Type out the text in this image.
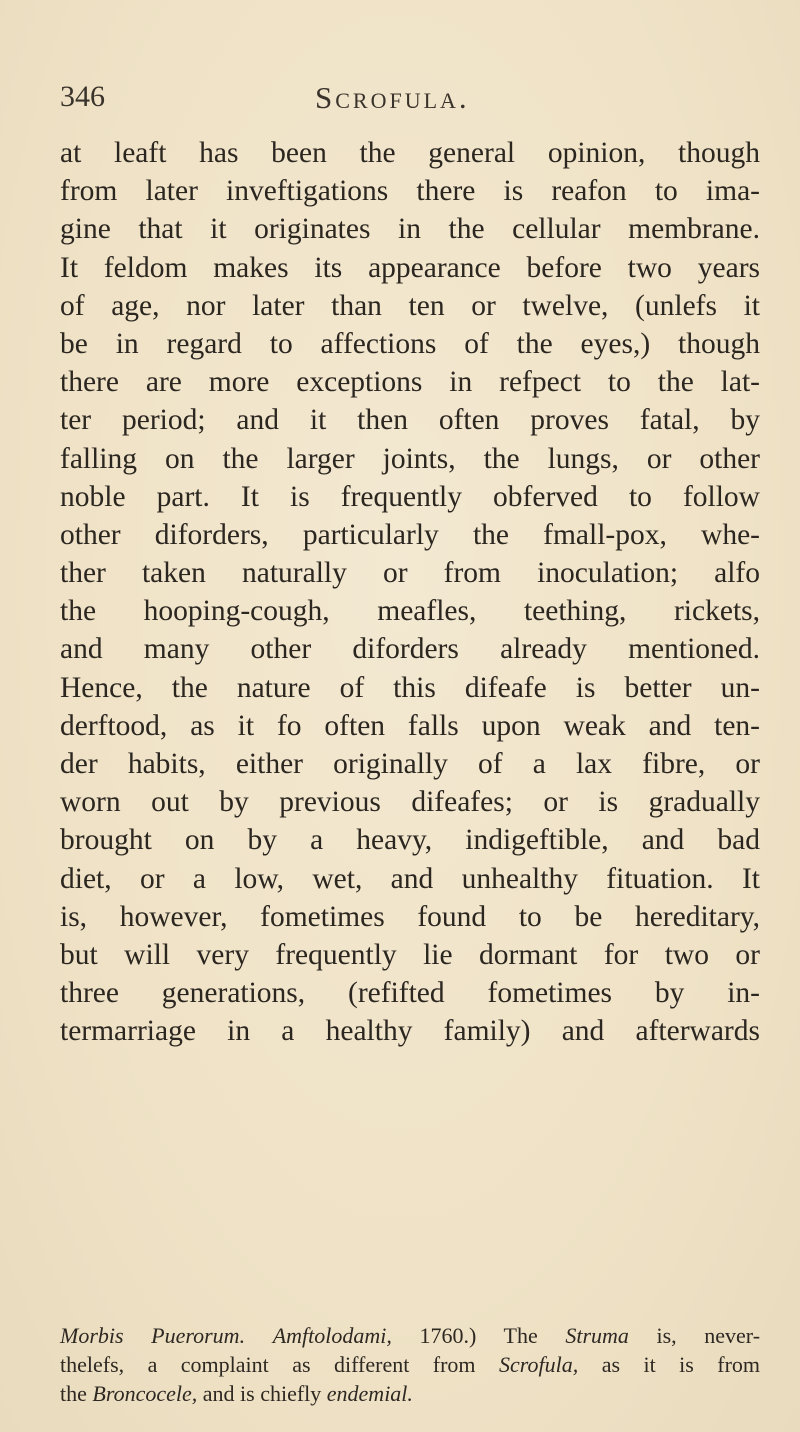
346	Scrofula.
at leaft has been the general opinion, though
from later inveftigations there is reafon to ima-
gine that it originates in the cellular membrane.
It feldom makes its appearance before two years
of age, nor later than ten or twelve, (unlefs it
be in regard to affections of the eyes,) though
there are more exceptions in refpect to the lat-
ter period; and it then often proves fatal, by
falling on the larger joints, the lungs, or other
noble part. It is frequently obferved to follow
other diforders, particularly the fmall-pox, whe-
ther taken naturally or from inoculation; alfo
the hooping-cough, meafles, teething, rickets,
and many other diforders already mentioned.
Hence, the nature of this difeafe is better un-
derftood, as it fo often falls upon weak and ten-
der habits, either originally of a lax fibre, or
worn out by previous difeafes; or is gradually
brought on by a heavy, indigeftible, and bad
diet, or a low, wet, and unhealthy fituation. It
is, however, fometimes found to be hereditary,
but will very frequently lie dormant for two or
three generations, (refifted fometimes by in-
termarriage in a healthy family) and afterwards
Morbis Puerorum. Amftolodami, 1760.) The Struma is, never-
thelefs, a complaint as different from Scrofula, as it is from
the Broncocele, and is chiefly endemial.
